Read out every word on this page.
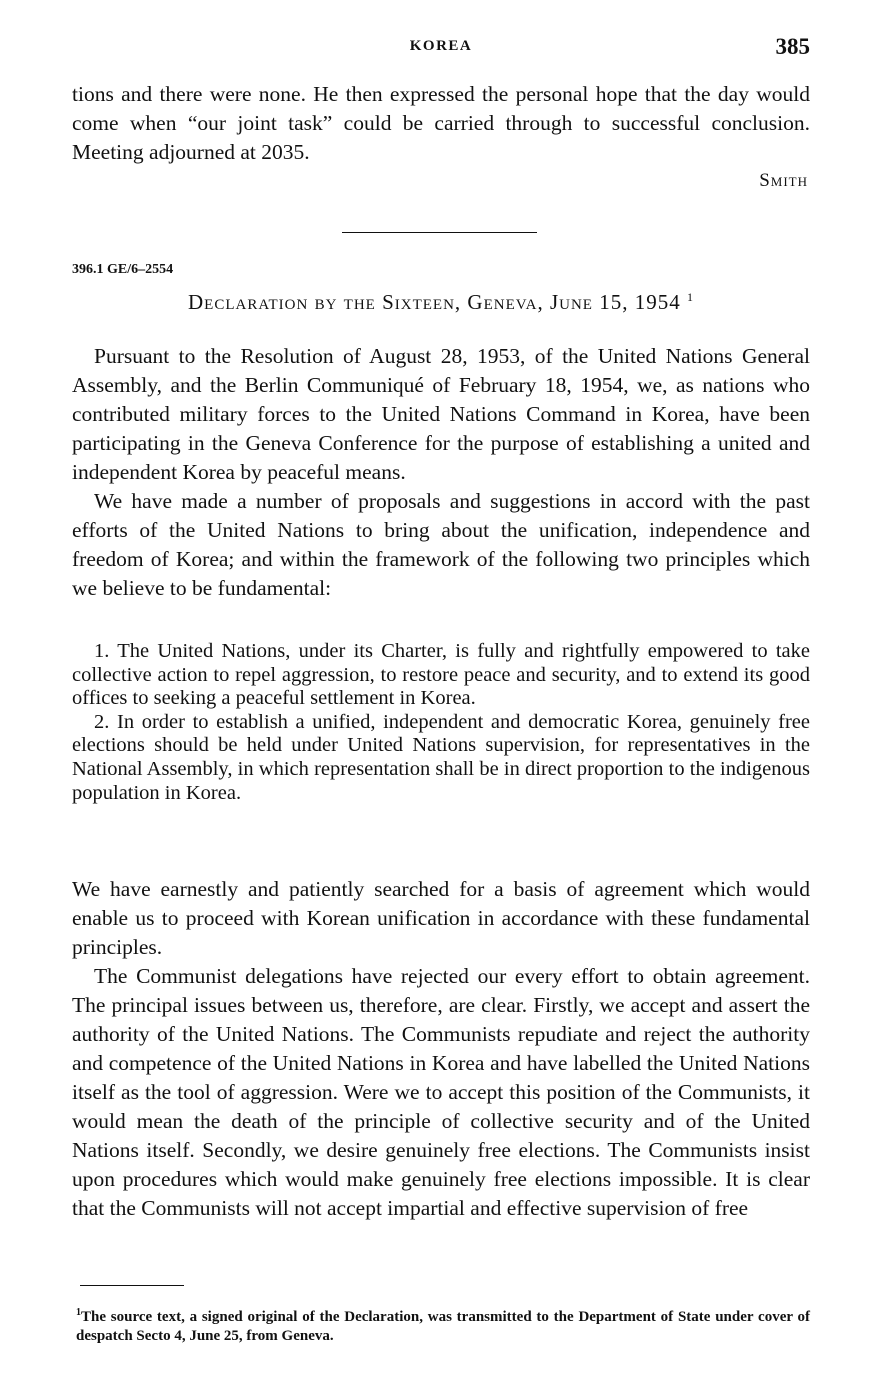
KOREA	385

tions and there were none. He then expressed the personal hope that the day would come when “our joint task” could be carried through to successful conclusion. Meeting adjourned at 2035.

Smith
396.1 GE/6–2554
Declaration by the Sixteen, Geneva, June 15, 1954 $^1$

Pursuant to the Resolution of August 28, 1953, of the United Nations General Assembly, and the Berlin Communiqué of February 18, 1954, we, as nations who contributed military forces to the United Nations Command in Korea, have been participating in the Geneva Conference for the purpose of establishing a united and independent Korea by peaceful means.

We have made a number of proposals and suggestions in accord with the past efforts of the United Nations to bring about the unification, independence and freedom of Korea; and within the framework of the following two principles which we believe to be fundamental:

1. The United Nations, under its Charter, is fully and rightfully empowered to take collective action to repel aggression, to restore peace and security, and to extend its good offices to seeking a peaceful settlement in Korea.

2. In order to establish a unified, independent and democratic Korea, genuinely free elections should be held under United Nations supervision, for representatives in the National Assembly, in which representation shall be in direct proportion to the indigenous population in Korea.

We have earnestly and patiently searched for a basis of agreement which would enable us to proceed with Korean unification in accordance with these fundamental principles.

The Communist delegations have rejected our every effort to obtain agreement. The principal issues between us, therefore, are clear. Firstly, we accept and assert the authority of the United Nations. The Communists repudiate and reject the authority and competence of the United Nations in Korea and have labelled the United Nations itself as the tool of aggression. Were we to accept this position of the Communists, it would mean the death of the principle of collective security and of the United Nations itself. Secondly, we desire genuinely free elections. The Communists insist upon procedures which would make genuinely free elections impossible. It is clear that the Communists will not accept impartial and effective supervision of free

$^1$The source text, a signed original of the Declaration, was transmitted to the Department of State under cover of despatch Secto 4, June 25, from Geneva.
